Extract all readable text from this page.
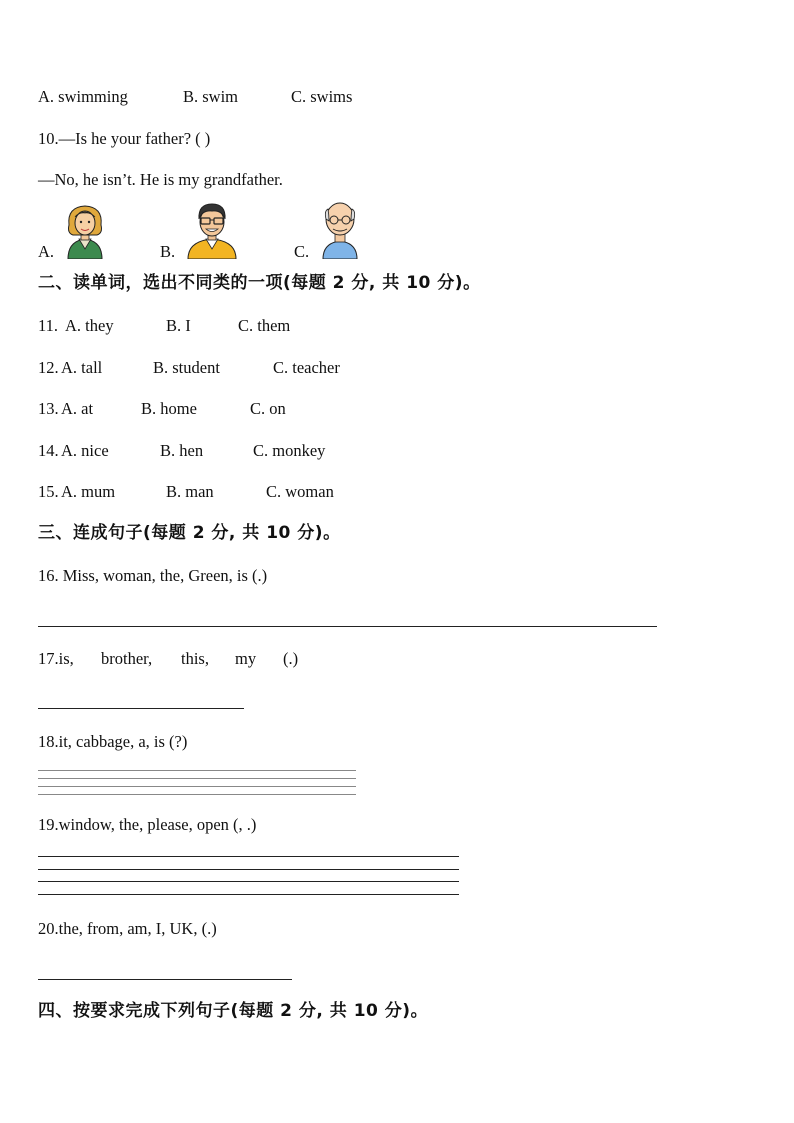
A. swimming	B. swim	C. swims
10.—Is he your father? ( )
—No, he isn’t. He is my grandfather.
A.	B.	C.
二、读单词，选出不同类的一项(每题 2 分, 共 10 分)。
11. A. they	B. I	C. them
12. A. tall	B. student	C. teacher
13. A. at	B. home	C. on
14. A. nice	B. hen	C. monkey
15. A. mum	B. man	C. woman
三、连成句子(每题 2 分, 共 10 分)。
16. Miss, woman, the, Green, is (.)
17.is, brother, this, my (.)
18.it, cabbage, a, is (?)
19.window, the, please, open (, .)
20.the, from, am, I, UK, (.)
四、按要求完成下列句子(每题 2 分, 共 10 分)。
